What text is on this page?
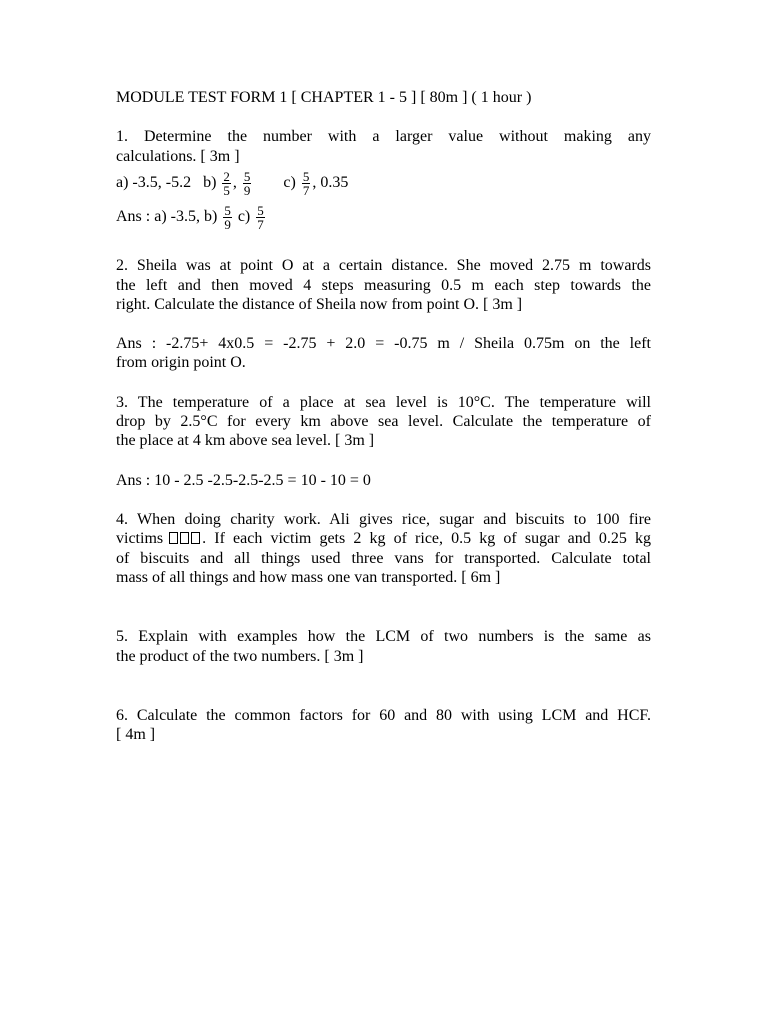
MODULE TEST FORM 1 [ CHAPTER 1 - 5 ] [ 80m ] ( 1 hour )
1. Determine the number with a larger value without making any
calculations. [ 3m ]
a) -3.5, -5.2 $b) \frac{2}{5}$ , $\frac{5}{9} c) \frac{5}{7}$ , 0.35
Ans : a) -3.5, $b) \frac{5}{9} c) \frac{5}{7}$
2. Sheila was at point O at a certain distance. She moved 2.75 m towards
the left and then moved 4 steps measuring 0.5 m each step towards the
right. Calculate the distance of Sheila now from point O. [ 3m ]
Ans : -2.75+ 4x0.5 = -2.75 + 2.0 = -0.75 m / Sheila 0.75m on the left
from origin point O.
3. The temperature of a place at sea level is 10°C. The temperature will
drop by 2.5°C for every km above sea level. Calculate the temperature of
the place at 4 km above sea level. [ 3m ]
Ans : 10 - 2.5 -2.5-2.5-2.5 = 10 - 10 = 0
4. When doing charity work. Ali gives rice, sugar and biscuits to 100 fire
victims . If each victim gets 2 kg of rice, 0.5 kg of sugar and 0.25 kg
of biscuits and all things used three vans for transported. Calculate total
mass of all things and how mass one van transported. [ 6m ]
5. Explain with examples how the LCM of two numbers is the same as
the product of the two numbers. [ 3m ]
6. Calculate the common factors for 60 and 80 with using LCM and HCF.
[ 4m ]
